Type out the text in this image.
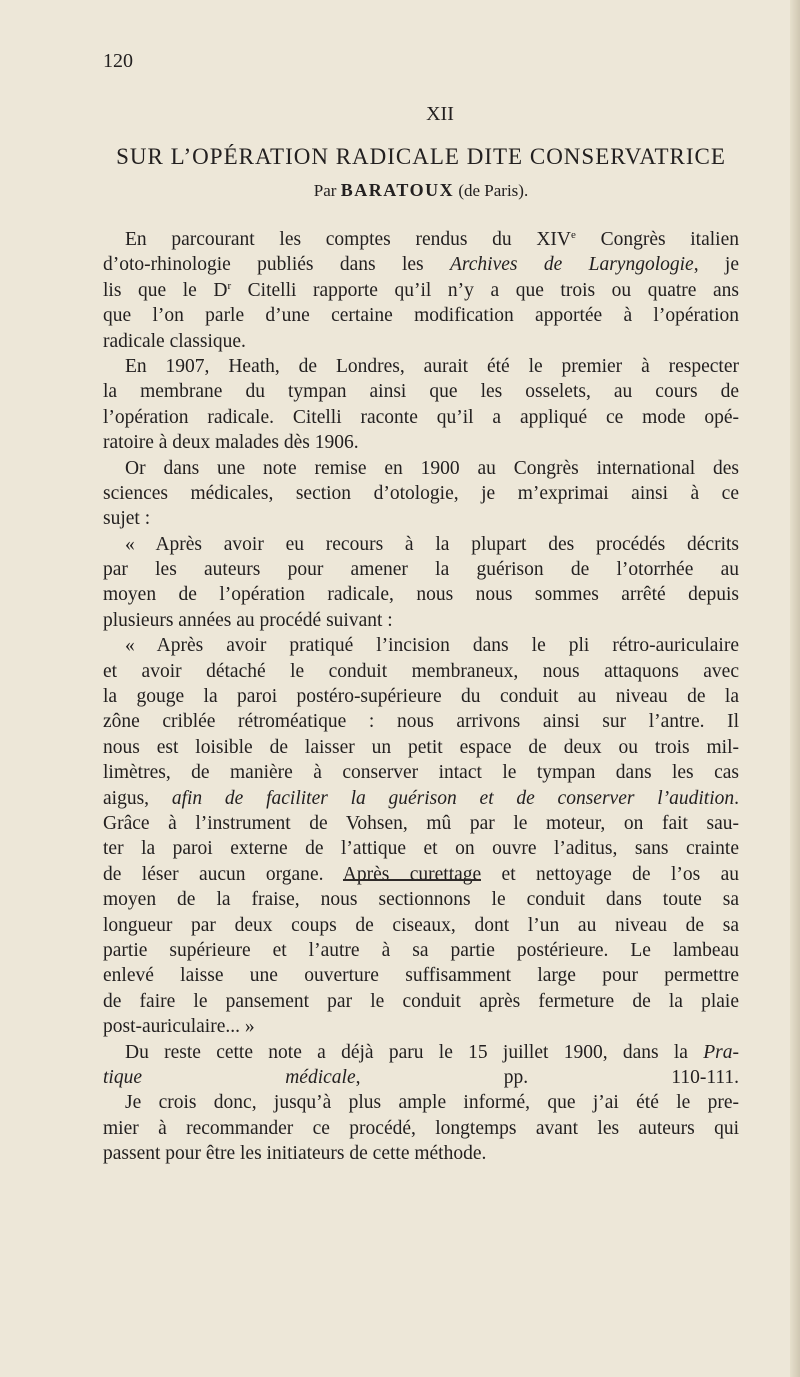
120
XII
SUR L’OPÉRATION RADICALE DITE CONSERVATRICE
Par BARATOUX (de Paris).
En parcourant les comptes rendus du XIVe Congrès italien
d’oto-rhinologie publiés dans les Archives de Laryngologie, je
lis que le $D^r$ Citelli rapporte qu’il n’y a que trois ou quatre ans
que l’on parle d’une certaine modification apportée à l’opération
radicale classique.
En 1907, Heath, de Londres, aurait été le premier à respecter
la membrane du tympan ainsi que les osselets, au cours de
l’opération radicale. Citelli raconte qu’il a appliqué ce mode opé-
ratoire à deux malades dès 1906.
Or dans une note remise en 1900 au Congrès international des
sciences médicales, section d’otologie, je m’exprimai ainsi à ce
sujet :
« Après avoir eu recours à la plupart des procédés décrits
par les auteurs pour amener la guérison de l’otorrhée au
moyen de l’opération radicale, nous nous sommes arrêté depuis
plusieurs années au procédé suivant :
« Après avoir pratiqué l’incision dans le pli rétro-auriculaire
et avoir détaché le conduit membraneux, nous attaquons avec
la gouge la paroi postéro-supérieure du conduit au niveau de la
zône criblée rétroméatique : nous arrivons ainsi sur l’antre. Il
nous est loisible de laisser un petit espace de deux ou trois mil-
limètres, de manière à conserver intact le tympan dans les cas
aigus, afin de faciliter la guérison et de conserver l’audition.
Grâce à l’instrument de Vohsen, mû par le moteur, on fait sau-
ter la paroi externe de l’attique et on ouvre l’aditus, sans crainte
de léser aucun organe. Après curettage et nettoyage de l’os au
moyen de la fraise, nous sectionnons le conduit dans toute sa
longueur par deux coups de ciseaux, dont l’un au niveau de sa
partie supérieure et l’autre à sa partie postérieure. Le lambeau
enlevé laisse une ouverture suffisamment large pour permettre
de faire le pansement par le conduit après fermeture de la plaie
post-auriculaire... »
Du reste cette note a déjà paru le 15 juillet 1900, dans la Pra-
tique médicale, pp. 110-111.
Je crois donc, jusqu’à plus ample informé, que j’ai été le pre-
mier à recommander ce procédé, longtemps avant les auteurs qui
passent pour être les initiateurs de cette méthode.
